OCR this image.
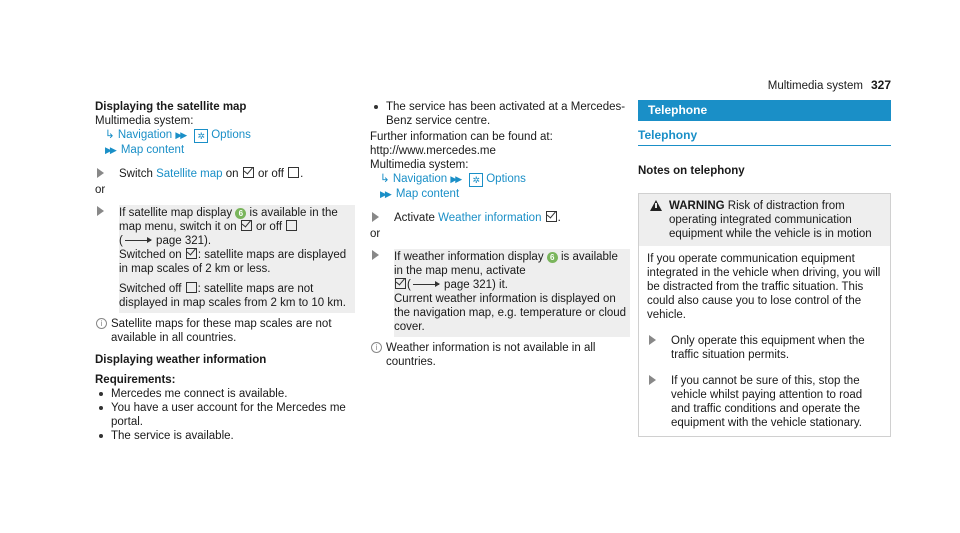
Multimedia system 327

Displaying the satellite map

Multimedia system:

↳ Navigation ▶▶ ✲ Options

▶▶ Map content

Switch Satellite map on or off .

or

If satellite map display 6 is available in the map menu, switch it on or off
(	page 321).
Switched on : satellite maps are displayed in map scales of 2 km or less.
Switched off : satellite maps are not displayed in map scales from 2 km to 10 km.
i Satellite maps for these map scales are not available in all countries.

Displaying weather information

Requirements:

Mercedes me connect is available.
You have a user account for the Mercedes me portal.
The service is available.
The service has been activated at a Mercedes-Benz service centre.

Further information can be found at: http://www.mercedes.me

Multimedia system:

↳ Navigation ▶▶ ✲ Options

▶▶ Map content

Activate Weather information .

or

If weather information display 6 is available in the map menu, activate
(	page 321) it.
Current weather information is displayed on the navigation map, e.g. temperature or cloud cover.
i Weather information is not available in all countries.
Telephone
Telephony

Notes on telephony

WARNING Risk of distraction from operating integrated communication equipment while the vehicle is in motion

If you operate communication equipment integrated in the vehicle when driving, you will be distracted from the traffic situation. This could also cause you to lose control of the vehicle.

Only operate this equipment when the traffic situation permits.
If you cannot be sure of this, stop the vehicle whilst paying attention to road and traffic conditions and operate the equipment with the vehicle stationary.
